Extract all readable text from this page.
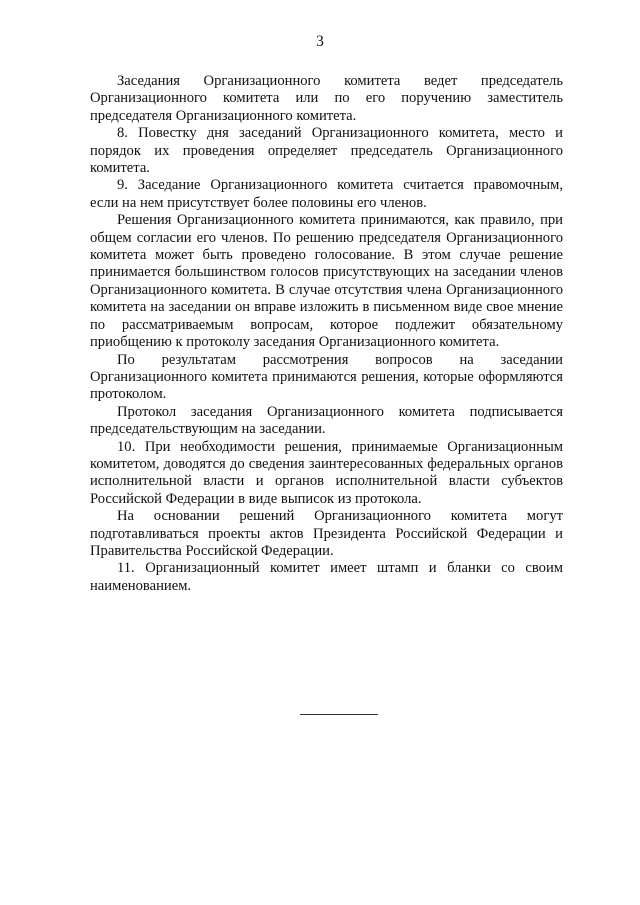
3

Заседания Организационного комитета ведет председатель Организационного комитета или по его поручению заместитель председателя Организационного комитета.

8. Повестку дня заседаний Организационного комитета, место и порядок их проведения определяет председатель Организационного комитета.

9. Заседание Организационного комитета считается правомочным, если на нем присутствует более половины его членов.

Решения Организационного комитета принимаются, как правило, при общем согласии его членов. По решению председателя Организационного комитета может быть проведено голосование. В этом случае решение принимается большинством голосов присутствующих на заседании членов Организационного комитета. В случае отсутствия члена Организационного комитета на заседании он вправе изложить в письменном виде свое мнение по рассматриваемым вопросам, которое подлежит обязательному приобщению к протоколу заседания Организационного комитета.

По результатам рассмотрения вопросов на заседании Организационного комитета принимаются решения, которые оформляются протоколом.

Протокол заседания Организационного комитета подписывается председательствующим на заседании.

10. При необходимости решения, принимаемые Организационным комитетом, доводятся до сведения заинтересованных федеральных органов исполнительной власти и органов исполнительной власти субъектов Российской Федерации в виде выписок из протокола.

На основании решений Организационного комитета могут подготавливаться проекты актов Президента Российской Федерации и Правительства Российской Федерации.

11. Организационный комитет имеет штамп и бланки со своим наименованием.
